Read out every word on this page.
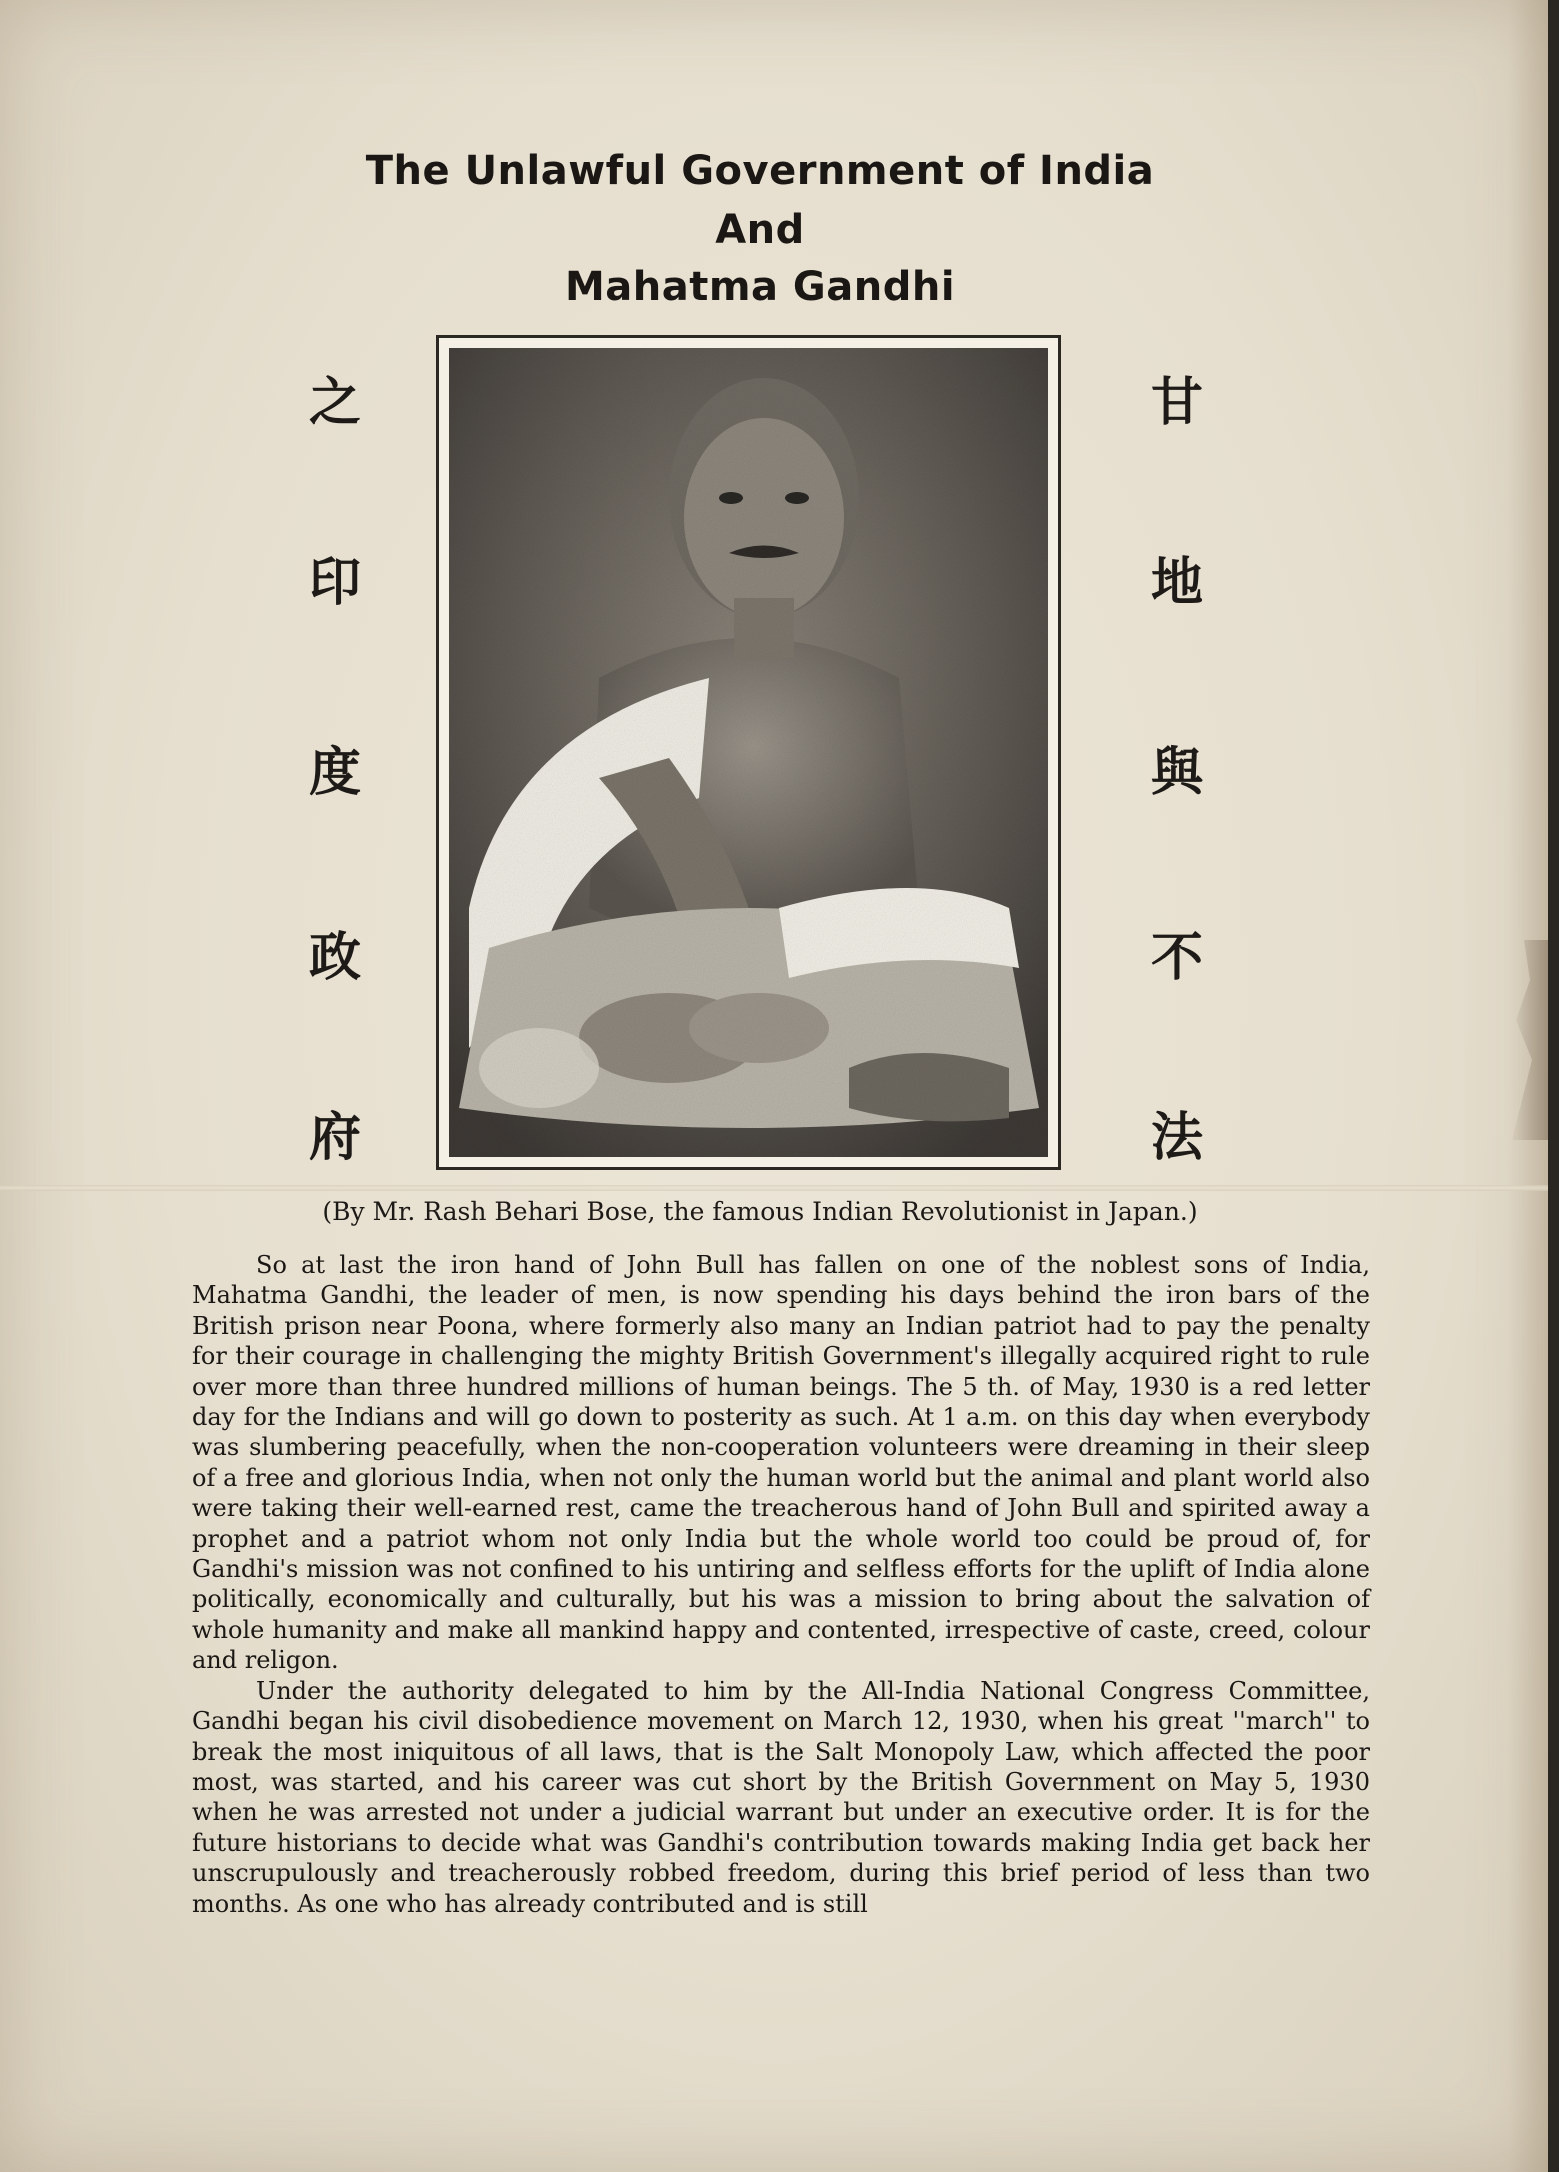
The Unlawful Government of India
And
Mahatma Gandhi
之
印
度
政
府
甘
地
與
不
法
(By Mr. Rash Behari Bose, the famous Indian Revolutionist in Japan.)

So at last the iron hand of John Bull has fallen on one of the noblest sons of India, Mahatma Gandhi, the leader of men, is now spending his days behind the iron bars of the British prison near Poona, where formerly also many an Indian patriot had to pay the penalty for their courage in challenging the mighty British Government's illegally acquired right to rule over more than three hundred millions of human beings. The 5 th. of May, 1930 is a red letter day for the Indians and will go down to posterity as such. At 1 a.m. on this day when everybody was slumbering peacefully, when the non-cooperation volunteers were dreaming in their sleep of a free and glorious India, when not only the human world but the animal and plant world also were taking their well-earned rest, came the treacherous hand of John Bull and spirited away a prophet and a patriot whom not only India but the whole world too could be proud of, for Gandhi's mission was not confined to his untiring and selfless efforts for the uplift of India alone politically, economically and culturally, but his was a mission to bring about the salvation of whole humanity and make all mankind happy and contented, irrespective of caste, creed, colour and religon.

Under the authority delegated to him by the All-India National Congress Committee, Gandhi began his civil disobedience movement on March 12, 1930, when his great ''march'' to break the most iniquitous of all laws, that is the Salt Monopoly Law, which affected the poor most, was started, and his career was cut short by the British Government on May 5, 1930 when he was arrested not under a judicial warrant but under an executive order. It is for the future historians to decide what was Gandhi's contribution towards making India get back her unscrupulously and treacherously robbed freedom, during this brief period of less than two months. As one who has already contributed and is still
